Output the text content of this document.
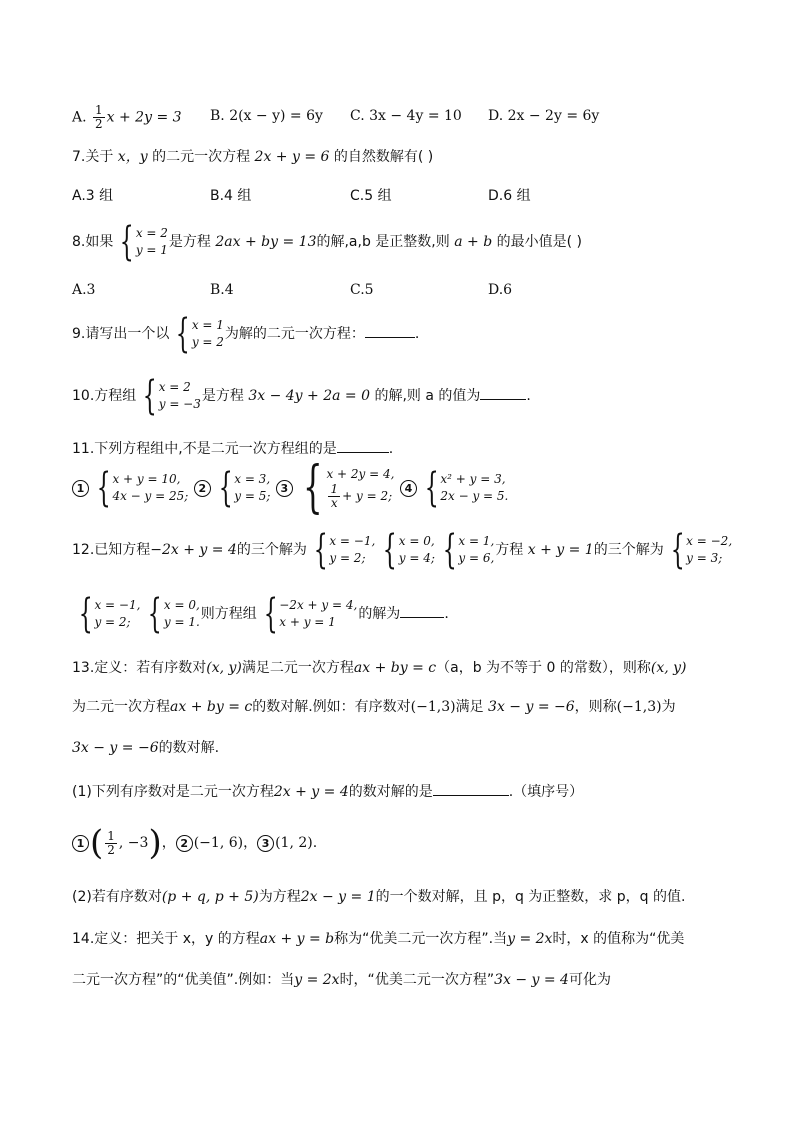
A. $\frac{1}{2}$ x + 2y = 3 B. 2(x − y) = 6y C. 3x − 4y = 10 D. 2x − 2y = 6y
7.关于 x，y 的二元一次方程 2x + y = 6 的自然数解有( )
A.3 组	B.4 组	C.5 组	D.6 组
8.如果 { x = 2
y = 1 是方程 2ax + by = 13的解,a,b 是正整数,则 a + b 的最小值是( )
A.3	B.4	C.5	D.6
9.请写出一个以 { x = 1
y = 2 为解的二元一次方程：	.
10.方程组 { x = 2
y = −3 是方程 3x − 4y + 2a = 0 的解,则 a 的值为	.
11.下列方程组中,不是二元一次方程组的是	.
1 { x + y = 10,
4x − y = 25;
2 { x = 3,
y = 5;
3 { x + 2y = 4,
$\frac{1}{x} + y = 2$;
4 { x² + y = 3,
2x − y = 5.
12.已知方程−2x + y = 4的三个解为 { x = −1,
y = 2; { x = 0,
y = 4; { x = 1,
y = 6, 方程 x + y = 1的三个解为 { x = −2,
y = 3;
{ x = −1,
y = 2; { x = 0,
y = 1. 则方程组 { −2x + y = 4,
x + y = 1	的解为	.
13.定义：若有序数对(x, y)满足二元一次方程ax + by = c（a，b 为不等于 0 的常数），则称(x, y)
为二元一次方程ax + by = c的数对解.例如：有序数对(−1,3)满足 3x − y = −6，则称(−1,3)为
3x − y = −6的数对解.
(1)下列有序数对是二元一次方程2x + y = 4的数对解的是	.（填序号）
1 ( $\frac{1}{2}$ , −3)， 2 (−1, 6)， 3 (1, 2).
(2)若有序数对(p + q, p + 5)为方程2x − y = 1的一个数对解，且 p，q 为正整数，求 p，q 的值.
14.定义：把关于 x，y 的方程ax + y = b称为“优美二元一次方程”.当y = 2x时，x 的值称为“优美
二元一次方程”的“优美值”.例如：当y = 2x时，“优美二元一次方程”3x − y = 4可化为
